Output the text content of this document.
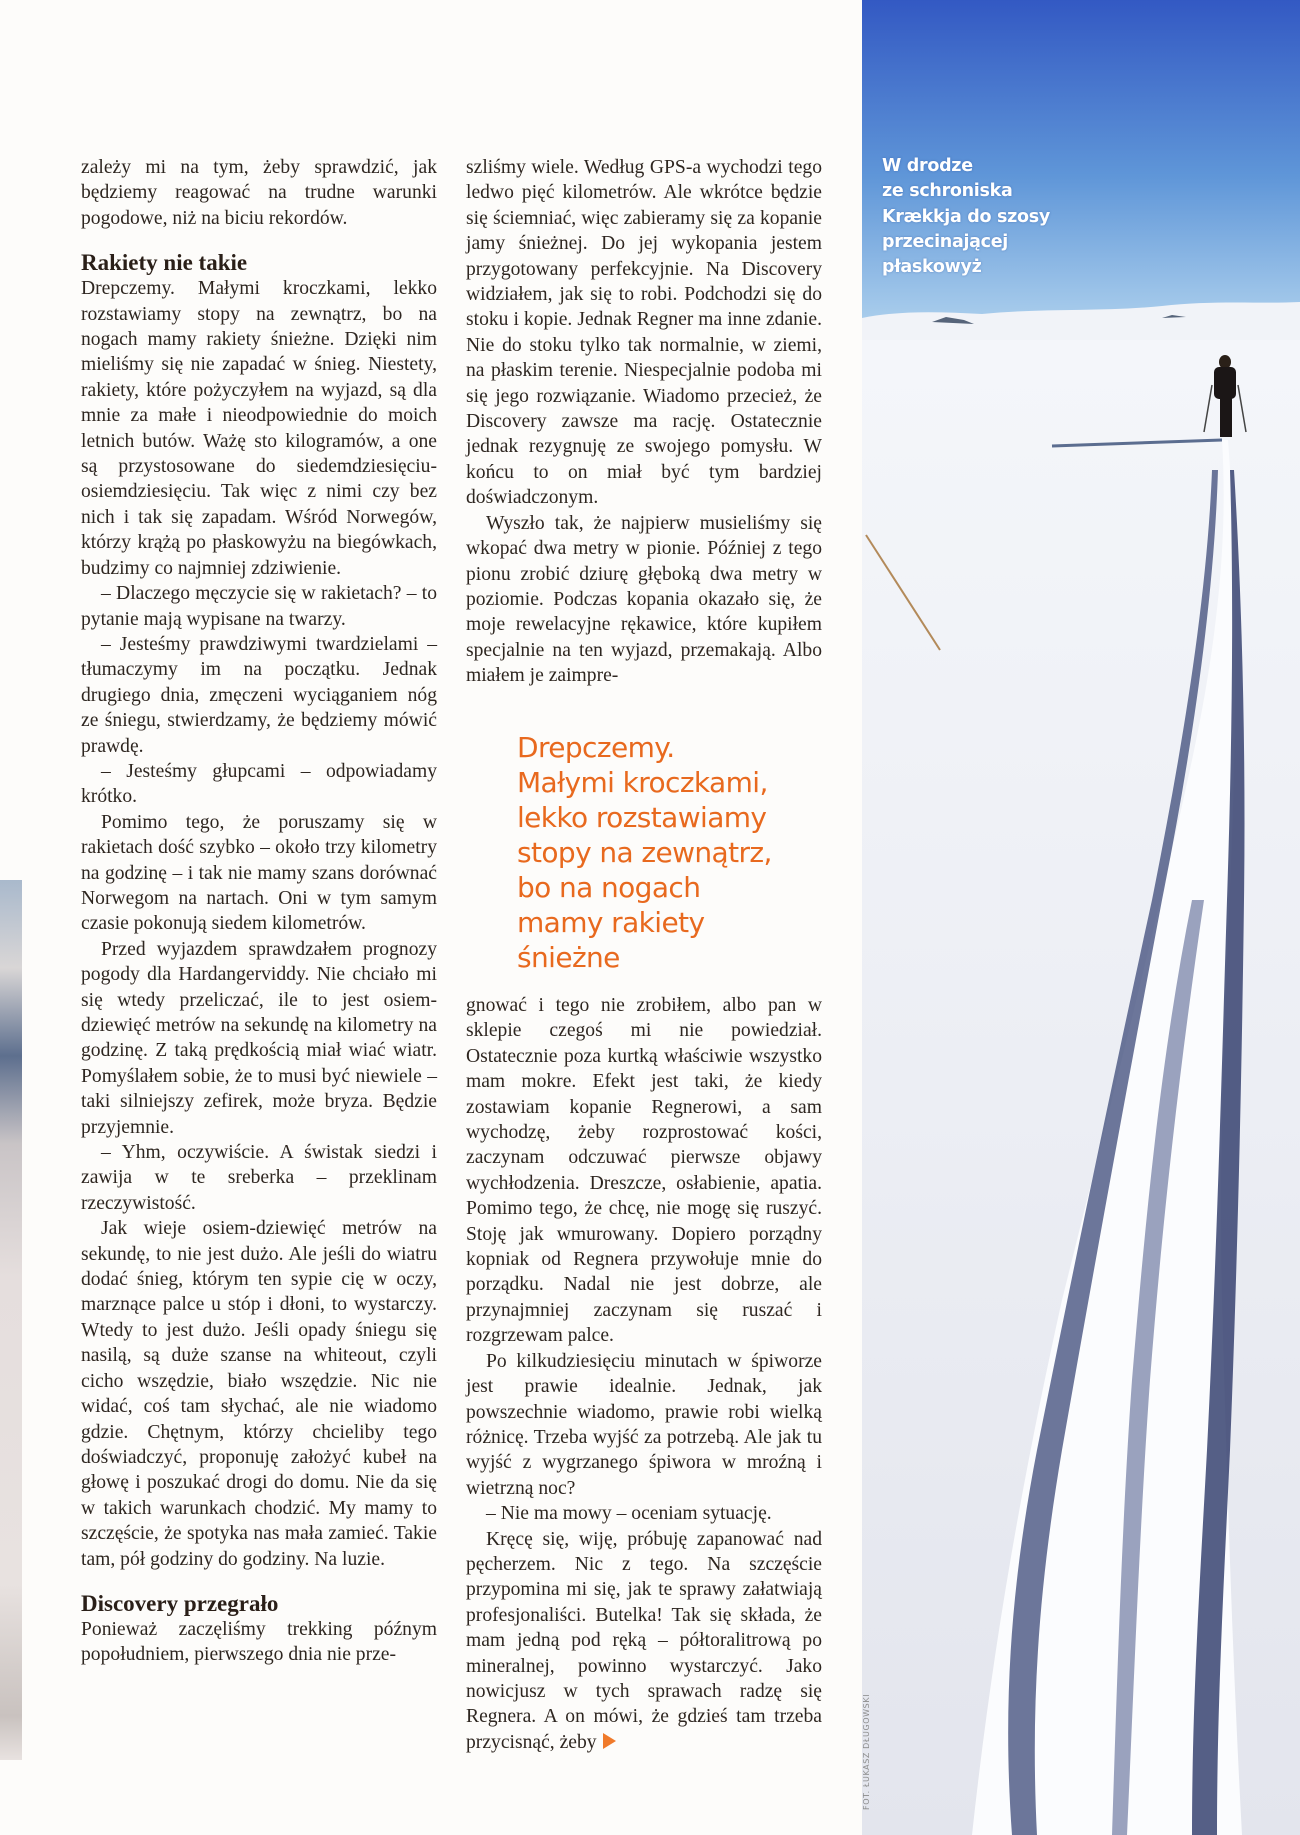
zależy mi na tym, żeby sprawdzić, jak będziemy reagować na trudne warunki pogodowe, niż na biciu rekordów.

Rakiety nie takie

Drepczemy. Małymi kroczkami, lekko rozstawiamy stopy na zewnątrz, bo na nogach mamy rakiety śnieżne. Dzięki nim mieliśmy się nie zapadać w śnieg. Niestety, rakiety, które pożyczyłem na wyjazd, są dla mnie za małe i nieodpowiednie do moich letnich butów. Ważę sto kilogramów, a one są przystosowane do siedemdziesięciu-osiemdziesięciu. Tak więc z nimi czy bez nich i tak się zapadam. Wśród Norwegów, którzy krążą po płaskowyżu na biegówkach, budzimy co najmniej zdziwienie.

– Dlaczego męczycie się w rakietach? – to pytanie mają wypisane na twarzy.

– Jesteśmy prawdziwymi twardzielami – tłumaczymy im na początku. Jednak drugiego dnia, zmęczeni wyciąganiem nóg ze śniegu, stwierdzamy, że będziemy mówić prawdę.

– Jesteśmy głupcami – odpowiadamy krótko.

Pomimo tego, że poruszamy się w rakietach dość szybko – około trzy kilometry na godzinę – i tak nie mamy szans dorównać Norwegom na nartach. Oni w tym samym czasie pokonują siedem kilometrów.

Przed wyjazdem sprawdzałem prognozy pogody dla Hardangerviddy. Nie chciało mi się wtedy przeliczać, ile to jest osiem-dziewięć metrów na sekundę na kilometry na godzinę. Z taką prędkością miał wiać wiatr. Pomyślałem sobie, że to musi być niewiele – taki silniejszy zefirek, może bryza. Będzie przyjemnie.

– Yhm, oczywiście. A świstak siedzi i zawija w te sreberka – przeklinam rzeczywistość.

Jak wieje osiem-dziewięć metrów na sekundę, to nie jest dużo. Ale jeśli do wiatru dodać śnieg, którym ten sypie cię w oczy, marznące palce u stóp i dłoni, to wystarczy. Wtedy to jest dużo. Jeśli opady śniegu się nasilą, są duże szanse na whiteout, czyli cicho wszędzie, biało wszędzie. Nic nie widać, coś tam słychać, ale nie wiadomo gdzie. Chętnym, którzy chcieliby tego doświadczyć, proponuję założyć kubeł na głowę i poszukać drogi do domu. Nie da się w takich warunkach chodzić. My mamy to szczęście, że spotyka nas mała zamieć. Takie tam, pół godziny do godziny. Na luzie.

Discovery przegrało

Ponieważ zaczęliśmy trekking późnym popołudniem, pierwszego dnia nie prze-

szliśmy wiele. Według GPS-a wychodzi tego ledwo pięć kilometrów. Ale wkrótce będzie się ściemniać, więc zabieramy się za kopanie jamy śnieżnej. Do jej wykopania jestem przygotowany perfekcyjnie. Na Discovery widziałem, jak się to robi. Podchodzi się do stoku i kopie. Jednak Regner ma inne zdanie. Nie do stoku tylko tak normalnie, w ziemi, na płaskim terenie. Niespecjalnie podoba mi się jego rozwiązanie. Wiadomo przecież, że Discovery zawsze ma rację. Ostatecznie jednak rezygnuję ze swojego pomysłu. W końcu to on miał być tym bardziej doświadczonym.

Wyszło tak, że najpierw musieliśmy się wkopać dwa metry w pionie. Później z tego pionu zrobić dziurę głęboką dwa metry w poziomie. Podczas kopania okazało się, że moje rewelacyjne rękawice, które kupiłem specjalnie na ten wyjazd, przemakają. Albo miałem je zaimpre-

Drepczemy.
Małymi kroczkami,
lekko rozstawiamy
stopy na zewnątrz,
bo na nogach
mamy rakiety
śnieżne

gnować i tego nie zrobiłem, albo pan w sklepie czegoś mi nie powiedział. Ostatecznie poza kurtką właściwie wszystko mam mokre. Efekt jest taki, że kiedy zostawiam kopanie Regnerowi, a sam wychodzę, żeby rozprostować kości, zaczynam odczuwać pierwsze objawy wychłodzenia. Dreszcze, osłabienie, apatia. Pomimo tego, że chcę, nie mogę się ruszyć. Stoję jak wmurowany. Dopiero porządny kopniak od Regnera przywołuje mnie do porządku. Nadal nie jest dobrze, ale przynajmniej zaczynam się ruszać i rozgrzewam palce.

Po kilkudziesięciu minutach w śpiworze jest prawie idealnie. Jednak, jak powszechnie wiadomo, prawie robi wielką różnicę. Trzeba wyjść za potrzebą. Ale jak tu wyjść z wygrzanego śpiwora w mroźną i wietrzną noc?

– Nie ma mowy – oceniam sytuację.

Kręcę się, wiję, próbuję zapanować nad pęcherzem. Nic z tego. Na szczęście przypomina mi się, jak te sprawy załatwiają profesjonaliści. Butelka! Tak się składa, że mam jedną pod ręką – półtoralitrową po mineralnej, powinno wystarczyć. Jako nowicjusz w tych sprawach radzę się Regnera. A on mówi, że gdzieś tam trzeba przycisnąć, żeby

W drodze
ze schroniska
Krækkja do szosy
przecinającej
płaskowyż
FOT. ŁUKASZ DŁUGOWSKI
